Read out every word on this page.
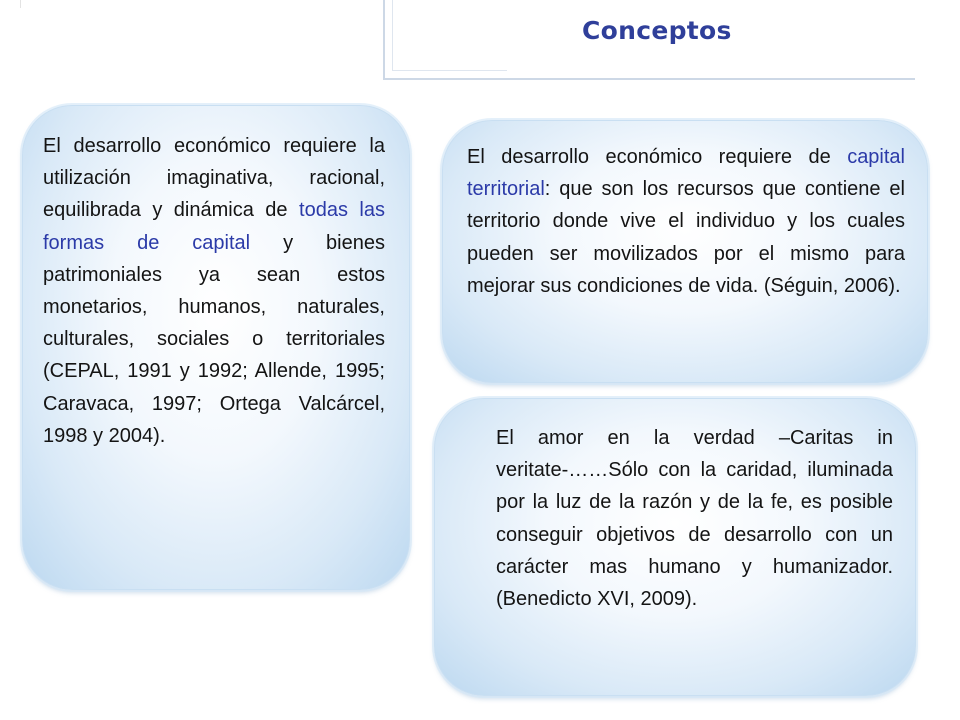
Conceptos

El desarrollo económico requiere la utilización imaginativa, racional, equilibrada y dinámica de todas las formas de capital y bienes patrimoniales ya sean estos monetarios, humanos, naturales, culturales, sociales o territoriales (CEPAL, 1991 y 1992; Allende, 1995; Caravaca, 1997; Ortega Valcárcel, 1998 y 2004).

El desarrollo económico requiere de capital territorial: que son los recursos que contiene el territorio donde vive el individuo y los cuales pueden ser movilizados por el mismo para mejorar sus condiciones de vida. (Séguin, 2006).

El amor en la verdad –Caritas in veritate-……Sólo con la caridad, iluminada por la luz de la razón y de la fe, es posible conseguir objetivos de desarrollo con un carácter mas humano y humanizador. (Benedicto XVI, 2009).
